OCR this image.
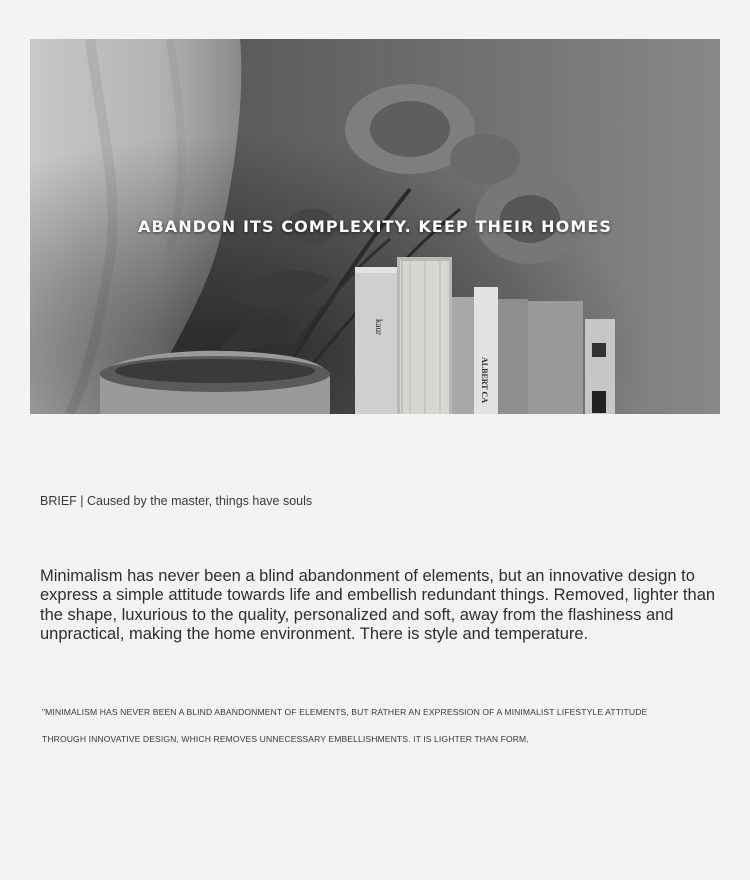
kaur
ALBERT CA
ABANDON ITS COMPLEXITY. KEEP THEIR HOMES
BRIEF | Caused by the master, things have souls

Minimalism has never been a blind abandonment of elements, but an innovative design to express a simple attitude towards life and embellish redundant things. Removed, lighter than the shape, luxurious to the quality, personalized and soft, away from the flashiness and unpractical, making the home environment. There is style and temperature.

"MINIMALISM HAS NEVER BEEN A BLIND ABANDONMENT OF ELEMENTS, BUT RATHER AN EXPRESSION OF A MINIMALIST LIFESTYLE ATTITUDE
THROUGH INNOVATIVE DESIGN, WHICH REMOVES UNNECESSARY EMBELLISHMENTS. IT IS LIGHTER THAN FORM,
